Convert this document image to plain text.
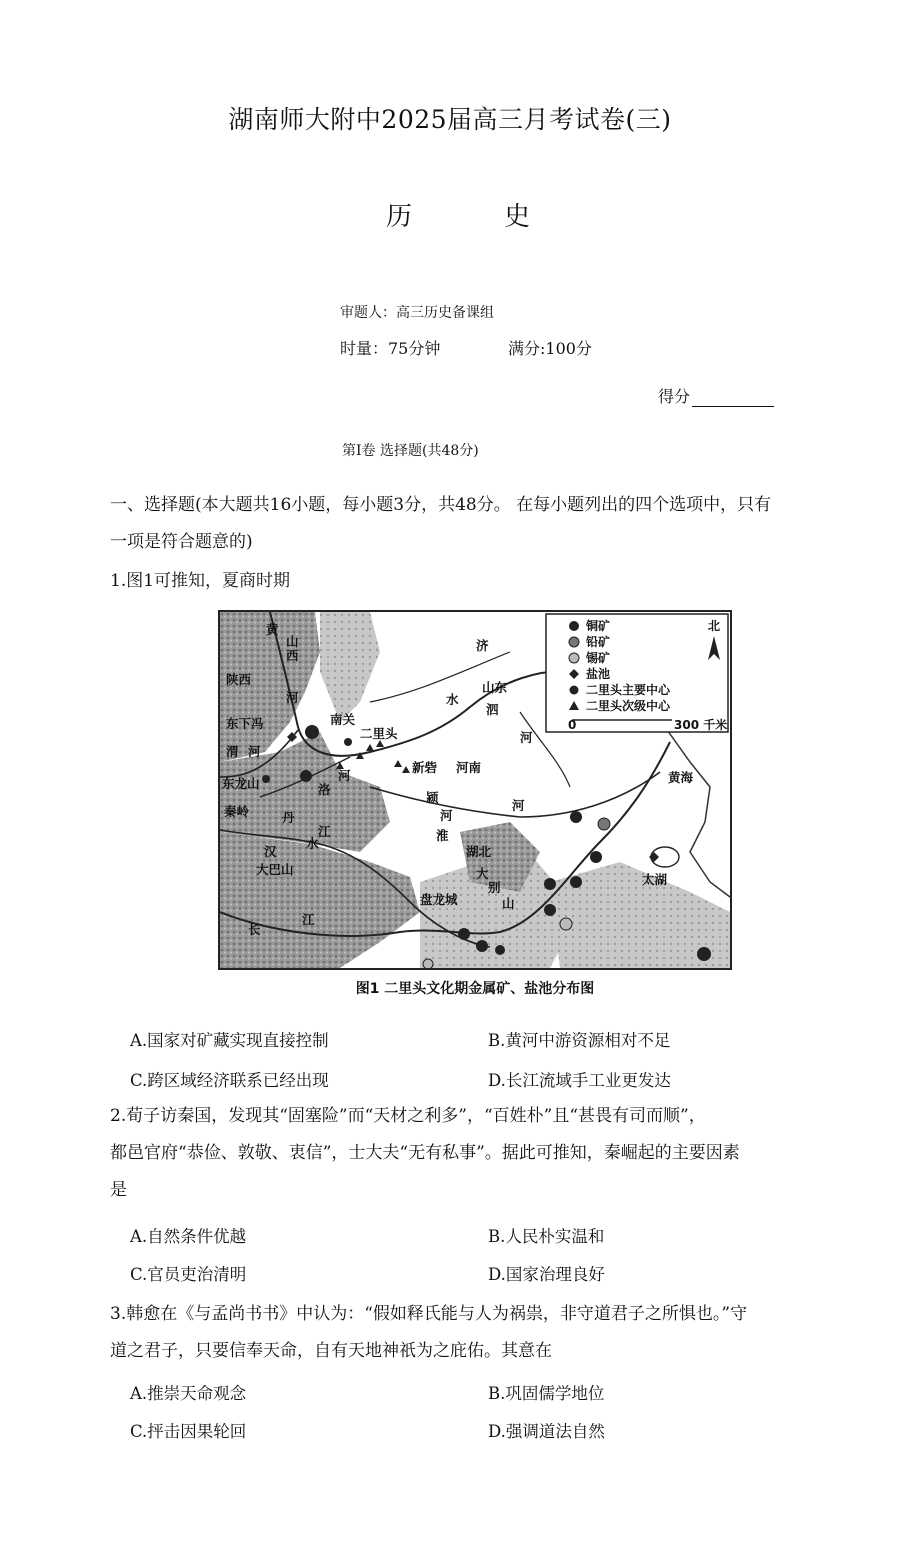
湖南师大附中2025届高三月考试卷(三)
历	史
审题人：高三历史备课组
时量：75分钟	满分:100分
得分
第Ⅰ卷 选择题(共48分)
一、选择题(本大题共16小题，每小题3分，共48分。 在每小题列出的四个选项中，只有
一项是符合题意的)
1.图1可推知，夏商时期
铜矿
铅矿
锡矿
盐池
二里头主要中心
二里头次级中心
0	300 千米
北
黄
山
西
陕西
河
东下冯	南关
二里头
渭 河
洛
河
东龙山
秦岭	丹
江
汉
水
大巴山
长
江
济
水
山东
泗
河
新砦 河南
颍
河
淮
河
湖北
大
别
山
盘龙城
黄海
太湖
图1 二里头文化期金属矿、盐池分布图
A.国家对矿藏实现直接控制	B.黄河中游资源相对不足
C.跨区域经济联系已经出现	D.长江流域手工业更发达
2.荀子访秦国，发现其“固塞险”而“天材之利多”，“百姓朴”且“甚畏有司而顺”，
都邑官府“恭俭、敦敬、衷信”，士大夫“无有私事”。据此可推知，秦崛起的主要因素
是
A.自然条件优越	B.人民朴实温和
C.官员吏治清明	D.国家治理良好
3.韩愈在《与孟尚书书》中认为：“假如释氏能与人为祸祟，非守道君子之所惧也。”守
道之君子，只要信奉天命，自有天地神祇为之庇佑。其意在
A.推崇天命观念	B.巩固儒学地位
C.抨击因果轮回	D.强调道法自然
